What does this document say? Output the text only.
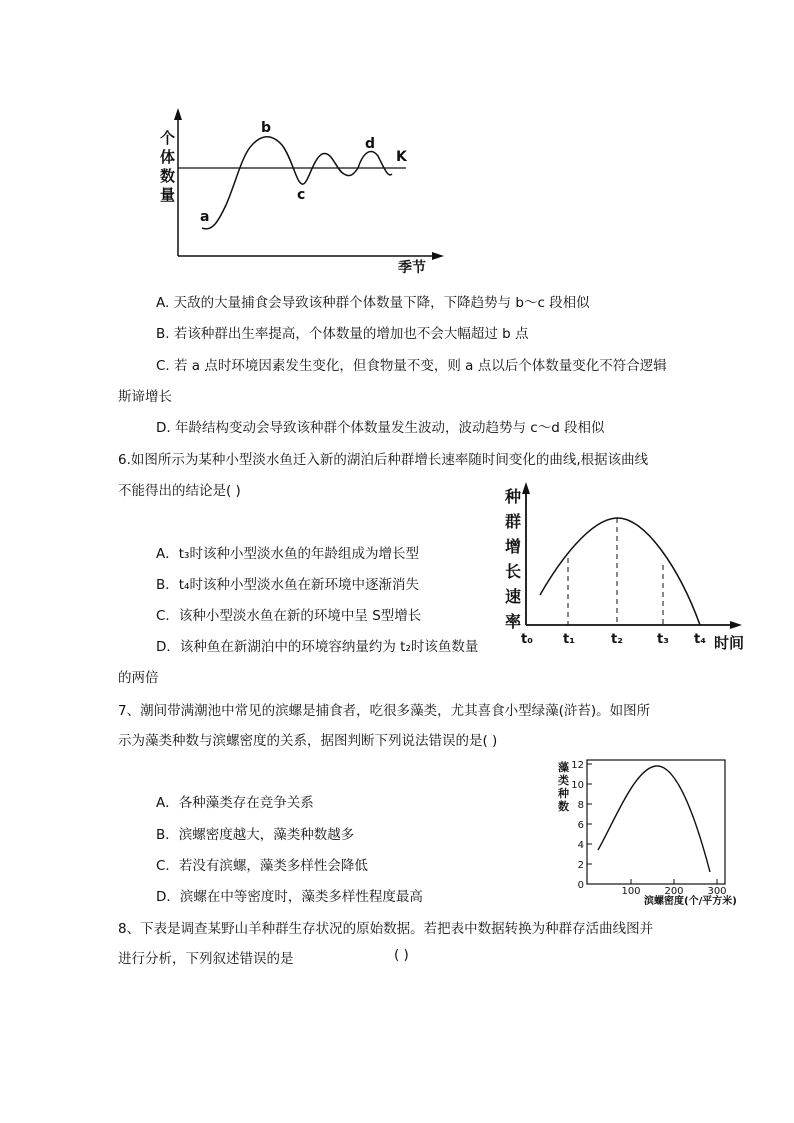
个
体
数
量
季节
a
b
c
d
K
A. 天敌的大量捕食会导致该种群个体数量下降，下降趋势与 b～c 段相似
B. 若该种群出生率提高，个体数量的增加也不会大幅超过 b 点
C. 若 a 点时环境因素发生变化，但食物量不变，则 a 点以后个体数量变化不符合逻辑
斯谛增长
D. 年龄结构变动会导致该种群个体数量发生波动，波动趋势与 c～d 段相似
6.如图所示为某种小型淡水鱼迁入新的湖泊后种群增长速率随时间变化的曲线,根据该曲线
不能得出的结论是( )
A．t₃时该种小型淡水鱼的年龄组成为增长型
B．t₄时该种小型淡水鱼在新环境中逐渐消失
C．该种小型淡水鱼在新的环境中呈 S型增长
D．该种鱼在新湖泊中的环境容纳量约为 t₂时该鱼数量
的两倍
种
群
增
长
速
率
t₀ t₁	t₂	t₃ t₄ 时间
7、潮间带满潮池中常见的滨螺是捕食者，吃很多藻类，尤其喜食小型绿藻(浒苔)。如图所
示为藻类种数与滨螺密度的关系，据图判断下列说法错误的是( )
A．各种藻类存在竞争关系
B．滨螺密度越大，藻类种数越多
C．若没有滨螺，藻类多样性会降低
D．滨螺在中等密度时，藻类多样性程度最高
12
10
8
6
4
2
0
100 200 300
滨螺密度(个/平方米)
藻
类
种
数
8、下表是调查某野山羊种群生存状况的原始数据。若把表中数据转换为种群存活曲线图并
进行分析，下列叙述错误的是	( )
